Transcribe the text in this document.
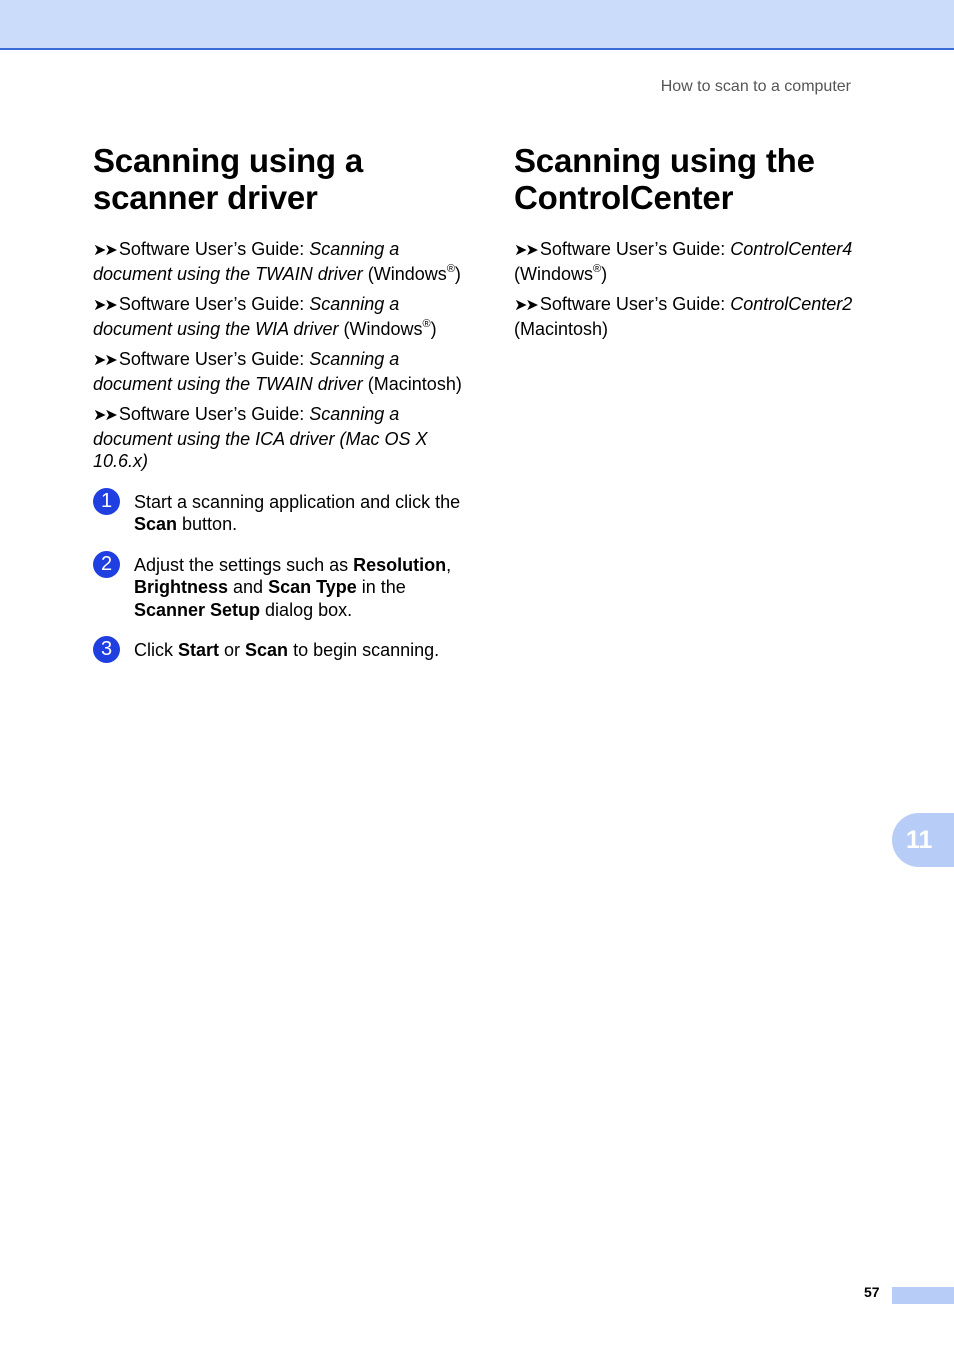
How to scan to a computer
Scanning using a scanner driver

➤➤ Software User’s Guide: Scanning a document using the TWAIN driver (Windows®)

➤➤ Software User’s Guide: Scanning a document using the WIA driver (Windows®)

➤➤ Software User’s Guide: Scanning a document using the TWAIN driver (Macintosh)

➤➤ Software User’s Guide: Scanning a document using the ICA driver (Mac OS X 10.6.x)

1	Start a scanning application and click the Scan button.
2	Adjust the settings such as Resolution, Brightness and Scan Type in the Scanner Setup dialog box.
3	Click Start or Scan to begin scanning.
Scanning using the ControlCenter

➤➤ Software User’s Guide: ControlCenter4 (Windows®)

➤➤ Software User’s Guide: ControlCenter2 (Macintosh)

11
57
